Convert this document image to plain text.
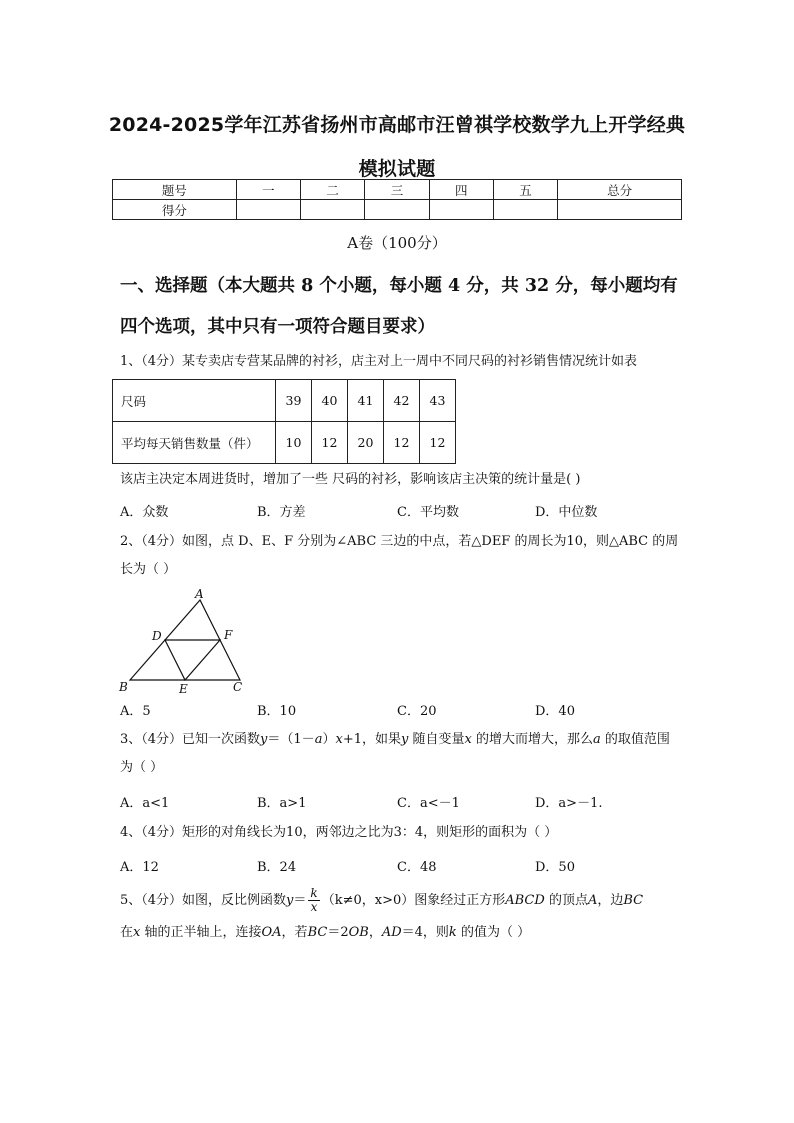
2024-2025学年江苏省扬州市高邮市汪曾祺学校数学九上开学经典模拟试题
题号	一	二	三	四	五	总分
得分						
A卷（100分）
一、选择题（本大题共 8 个小题，每小题 4 分，共 32 分，每小题均有四个选项，其中只有一项符合题目要求）
1、（4分）某专卖店专营某品牌的衬衫，店主对上一周中不同尺码的衬衫销售情况统计如表
尺码	39	40	41	42	43
平均每天销售数量（件）	10	12	20	12	12
该店主决定本周进货时，增加了一些 尺码的衬衫，影响该店主决策的统计量是( )
A．众数	B．方差	C．平均数	D．中位数
2、（4分）如图，点 D、E、F 分别为∠ABC 三边的中点，若△DEF 的周长为10，则△ABC 的周长为（ ）
A
B	C
D
E
F
A．5	B．10	C．20	D．40
3、（4分）已知一次函数y＝（1－a）x+1，如果y 随自变量x 的增大而增大，那么a 的取值范围为（ ）
A．a<1	B．a>1	C．a<－1	D．a>－1.
4、（4分）矩形的对角线长为10，两邻边之比为3：4，则矩形的面积为（ ）
A．12	B．24	C．48	D．50
5、（4分）如图，反比例函数$y= \frac{k}{x} (k\ne 0$，x>0）图象经过正方形ABCD 的顶点A，边BC
在x 轴的正半轴上，连接OA，若BC＝2OB，AD＝4，则k 的值为（ ）
